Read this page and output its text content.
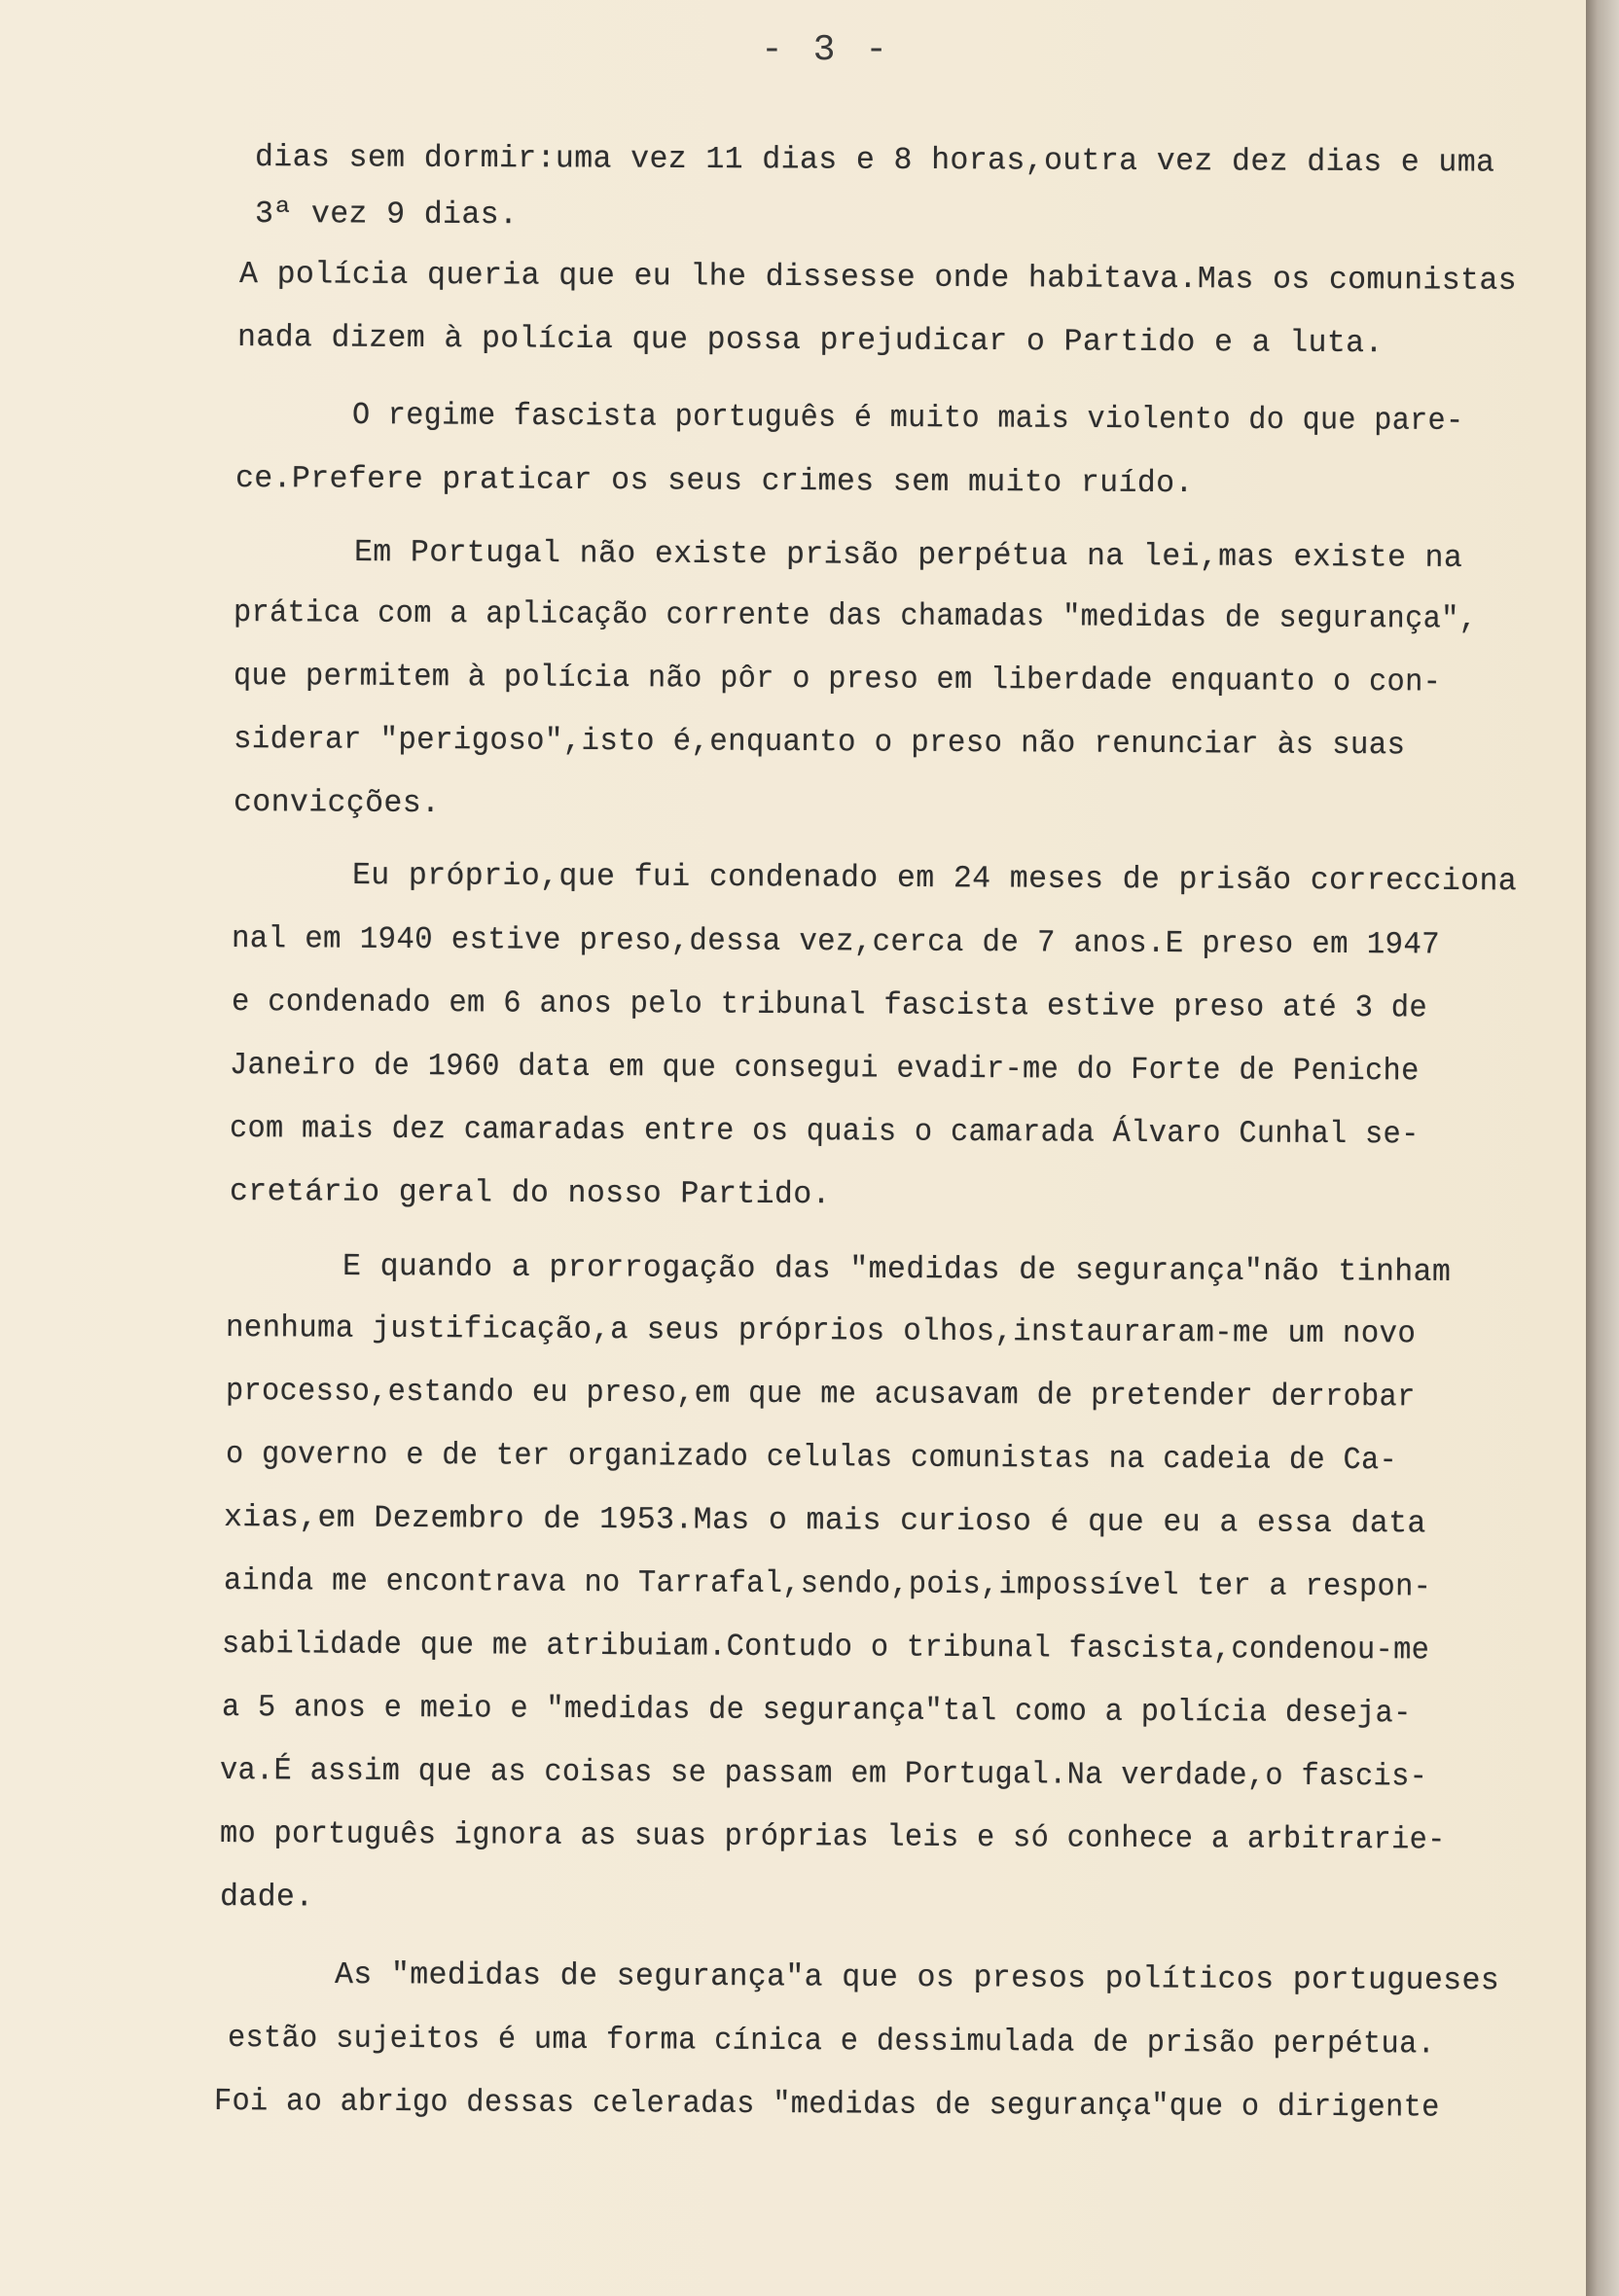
- 3 -
dias sem dormir:uma vez 11 dias e 8 horas,outra vez dez dias e uma
3ª vez 9 dias.
A polícia queria que eu lhe dissesse onde habitava.Mas os comunistas
nada dizem à polícia que possa prejudicar o Partido e a luta.
O regime fascista português é muito mais violento do que pare-
ce.Prefere praticar os seus crimes sem muito ruído.
Em Portugal não existe prisão perpétua na lei,mas existe na
prática com a aplicação corrente das chamadas "medidas de segurança",
que permitem à polícia não pôr o preso em liberdade enquanto o con-
siderar "perigoso",isto é,enquanto o preso não renunciar às suas
convicções.
Eu próprio,que fui condenado em 24 meses de prisão correcciona
nal em 1940 estive preso,dessa vez,cerca de 7 anos.E preso em 1947
e condenado em 6 anos pelo tribunal fascista estive preso até 3 de
Janeiro de 1960 data em que consegui evadir-me do Forte de Peniche
com mais dez camaradas entre os quais o camarada Álvaro Cunhal se-
cretário geral do nosso Partido.
E quando a prorrogação das "medidas de segurança"não tinham
nenhuma justificação,a seus próprios olhos,instauraram-me um novo
processo,estando eu preso,em que me acusavam de pretender derrobar
o governo e de ter organizado celulas comunistas na cadeia de Ca-
xias,em Dezembro de 1953.Mas o mais curioso é que eu a essa data
ainda me encontrava no Tarrafal,sendo,pois,impossível ter a respon-
sabilidade que me atribuiam.Contudo o tribunal fascista,condenou-me
a 5 anos e meio e "medidas de segurança"tal como a polícia deseja-
va.É assim que as coisas se passam em Portugal.Na verdade,o fascis-
mo português ignora as suas próprias leis e só conhece a arbitrarie-
dade.
As "medidas de segurança"a que os presos políticos portugueses
estão sujeitos é uma forma cínica e dessimulada de prisão perpétua.
Foi ao abrigo dessas celeradas "medidas de segurança"que o dirigente
